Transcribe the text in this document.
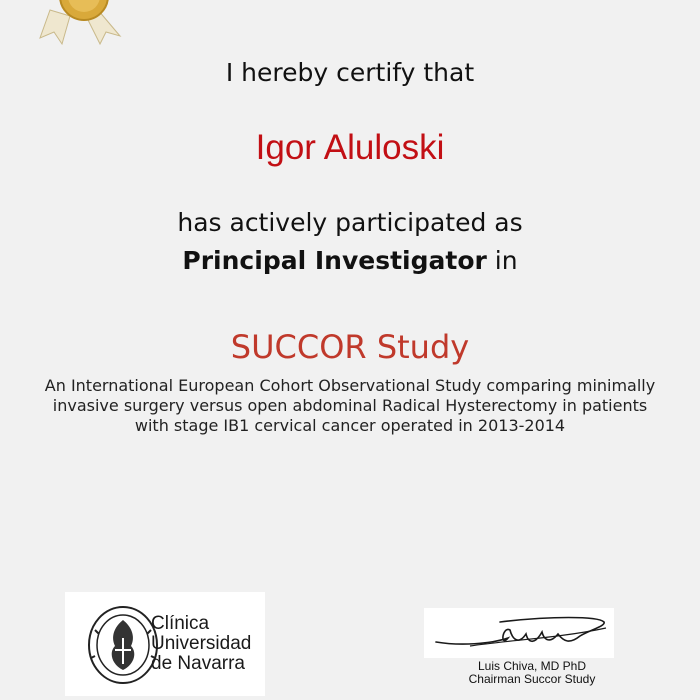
I hereby certify that
Igor Aluloski
has actively participated as
Principal Investigator in
SUCCOR Study
An International European Cohort Observational Study comparing minimally
invasive surgery versus open abdominal Radical Hysterectomy in patients
with stage IB1 cervical cancer operated in 2013-2014
Clínica
Universidad
de Navarra	Luis Chiva, MD PhD
Chairman Succor Study
